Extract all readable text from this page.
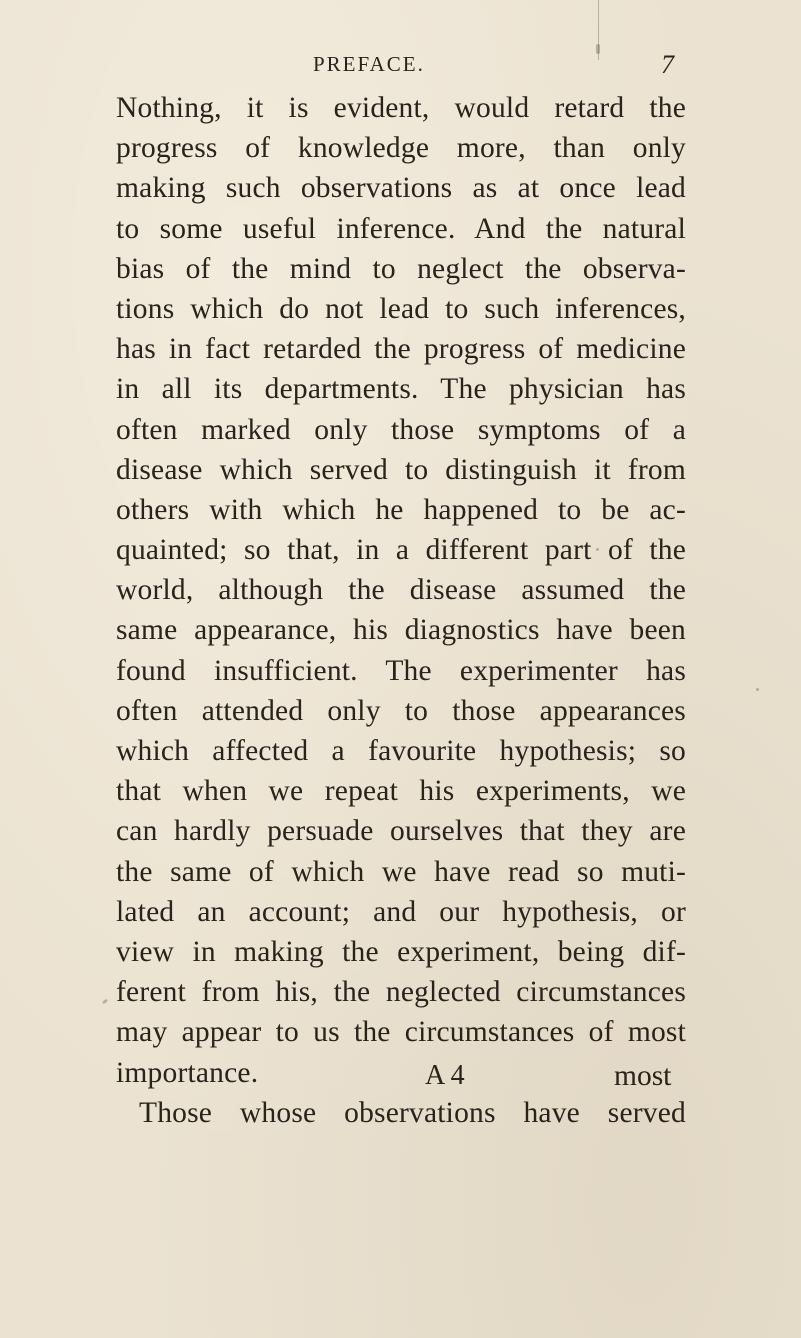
PREFACE.	7
Nothing, it is evident, would retard the
progress of knowledge more, than only
making such observations as at once lead
to some useful inference. And the natural
bias of the mind to neglect the observa-
tions which do not lead to such inferences,
has in fact retarded the progress of medicine
in all its departments. The physician has
often marked only those symptoms of a
disease which served to distinguish it from
others with which he happened to be ac-
quainted; so that, in a different part of the
world, although the disease assumed the
same appearance, his diagnostics have been
found insufficient. The experimenter has
often attended only to those appearances
which affected a favourite hypothesis; so
that when we repeat his experiments, we
can hardly persuade ourselves that they are
the same of which we have read so muti-
lated an account; and our hypothesis, or
view in making the experiment, being dif-
ferent from his, the neglected circumstances
may appear to us the circumstances of most
importance.
Those whose observations have served
A 4	most
